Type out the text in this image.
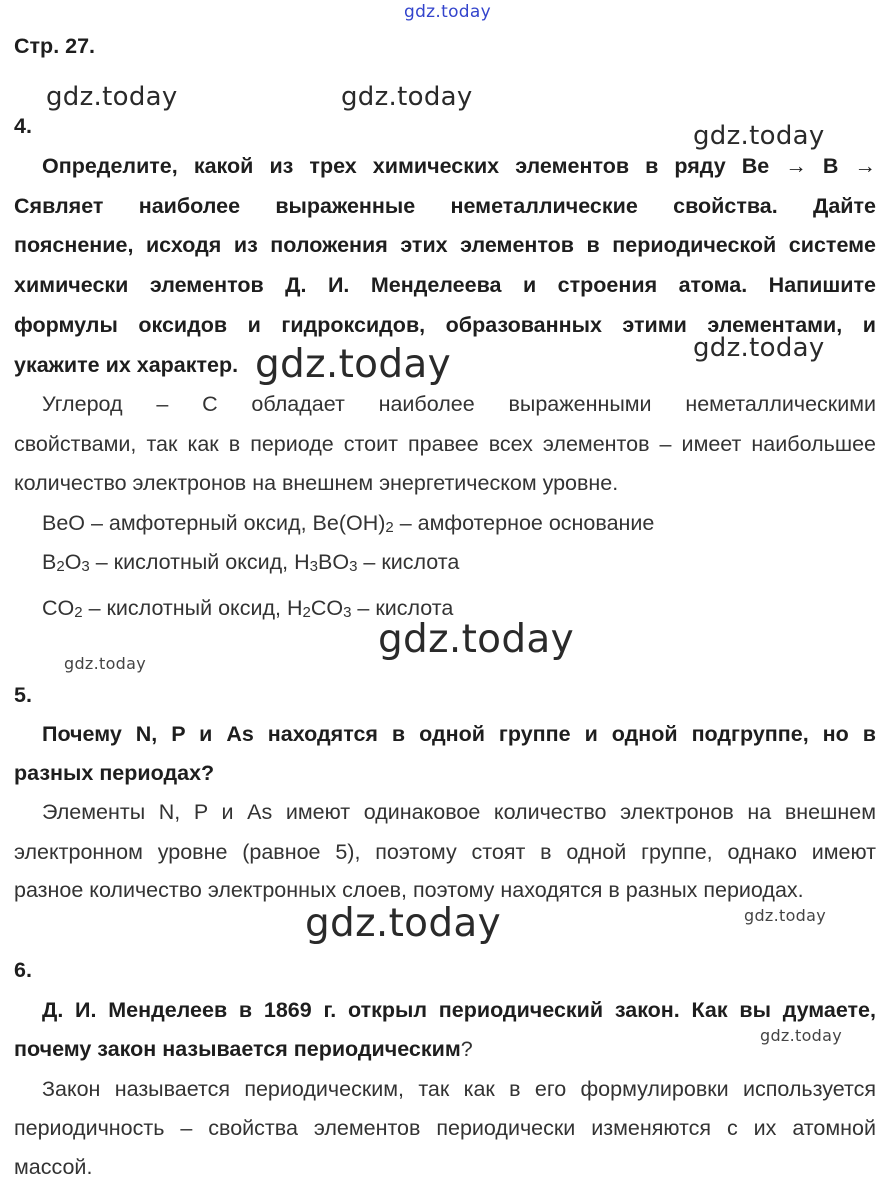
gdz.today
gdz.today	gdz.today
gdz.today
gdz.today
gdz.today
gdz.today
gdz.today
gdz.today	gdz.today
gdz.today
Стр. 27.
4.
Определите, какой из трех химических элементов в ряду Be → B →
Cявляет наиболее выраженные неметаллические свойства. Дайте
пояснение, исходя из положения этих элементов в периодической системе
химически элементов Д. И. Менделеева и строения атома. Напишите
формулы оксидов и гидроксидов, образованных этими элементами, и
укажите их характер.
Углерод – C обладает наиболее выраженными неметаллическими
свойствами, так как в периоде стоит правее всех элементов – имеет наибольшее
количество электронов на внешнем энергетическом уровне.
BeO – амфотерный оксид, $Be(OH)_2$ – амфотерное основание
$B_2O_3$ – кислотный оксид, $H_3BO_3$ – кислота
$CO_2$ – кислотный оксид, $H_2CO_3$ – кислота
5.
Почему N, P и As находятся в одной группе и одной подгруппе, но в
разных периодах?
Элементы N, P и As имеют одинаковое количество электронов на внешнем
электронном уровне (равное 5), поэтому стоят в одной группе, однако имеют
разное количество электронных слоев, поэтому находятся в разных периодах.
6.
Д. И. Менделеев в 1869 г. открыл периодический закон. Как вы думаете,
почему закон называется периодическим?
Закон называется периодическим, так как в его формулировки используется
периодичность – свойства элементов периодически изменяются с их атомной
массой.
